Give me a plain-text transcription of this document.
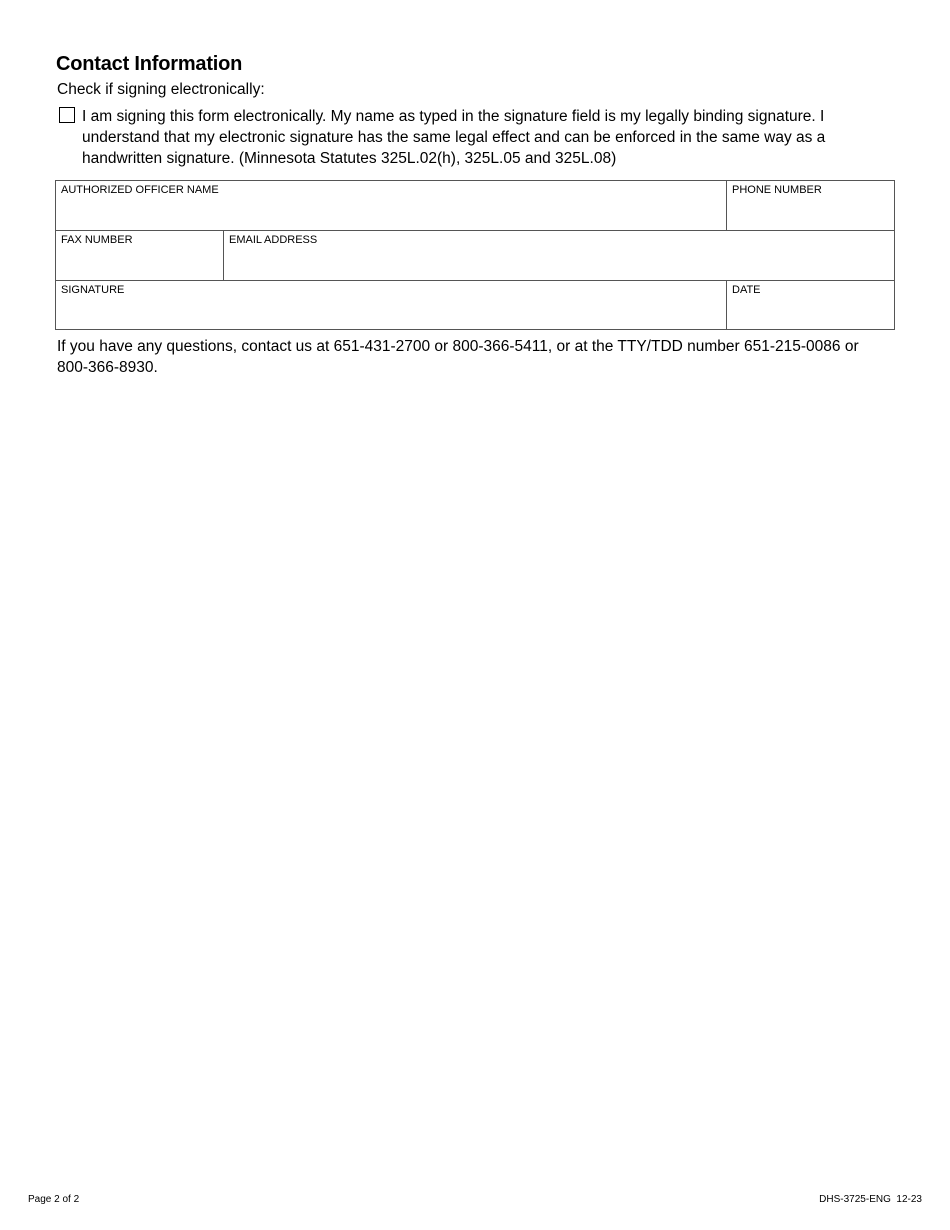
Contact Information
Check if signing electronically:
I am signing this form electronically. My name as typed in the signature field is my legally binding signature. I understand that my electronic signature has the same legal effect and can be enforced in the same way as a handwritten signature. (Minnesota Statutes 325L.02(h), 325L.05 and 325L.08)
AUTHORIZED OFFICER NAME	PHONE NUMBER
FAX NUMBER	EMAIL ADDRESS
SIGNATURE	DATE
If you have any questions, contact us at 651-431-2700 or 800-366-5411, or at the TTY/TDD number 651-215-0086 or 800-366-8930.
Page 2 of 2	DHS-3725-ENG  12-23
